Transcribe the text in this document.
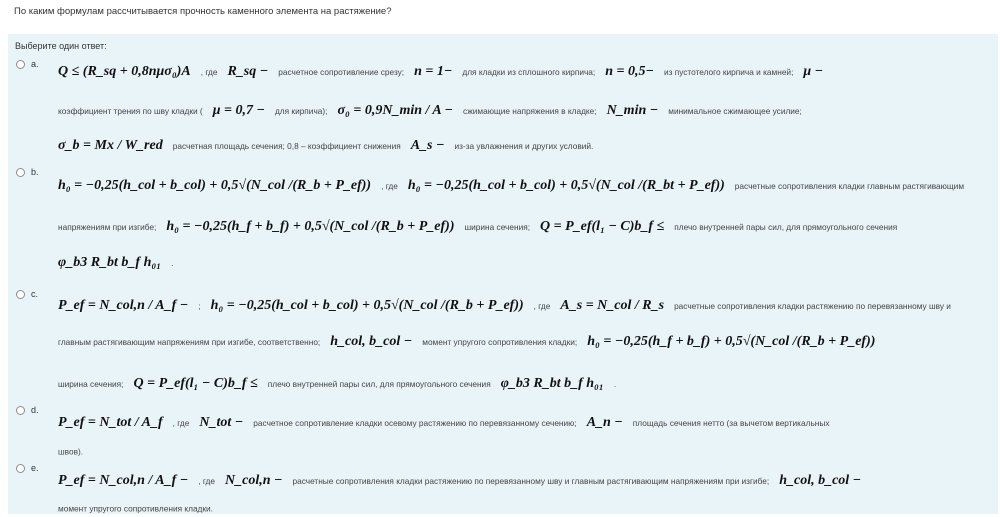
По каким формулам рассчитывается прочность каменного элемента на растяжение?
Выберите один ответ:
a. Q ≤ (R_sq + 0,8nμσ₀)A , где R_sq − расчетное сопротивление срезу; n = 1− для кладки из сплошного кирпича; n = 0,5− из пустотелого кирпича и камней; μ −
коэффициент трения по шву кладки ( μ = 0,7 − для кирпича); σ₀ = 0,9N_min / A − сжимающие напряжения в кладке; N_min − минимальное сжимающее усилие;
σ_b = Mx / W_red расчетная площадь сечения; 0,8 – коэффициент снижения A_s − из-за увлажнения и других условий.
b.
h₀ = −0,25(h_col + b_col) + 0,5√(N_col /(R_b + P_ef)) , где h₀ = −0,25(h_col + b_col) + 0,5√(N_col /(R_bt + P_ef)) расчетные сопротивления кладки главным растягивающим
напряжениям при изгибе; h₀ = −0,25(h_f + b_f) + 0,5√(N_col /(R_b + P_ef)) ширина сечения; Q = P_ef(l₁ − C)b_f ≤ плечо внутренней пары сил, для прямоугольного сечения
φ_b3 R_bt b_f h₀₁ .
c.
P_ef = N_col,n / A_f − ; h₀ = −0,25(h_col + b_col) + 0,5√(N_col /(R_b + P_ef)) , где A_s = N_col / R_s расчетные сопротивления кладки растяжению по перевязанному шву и
главным растягивающим напряжениям при изгибе, соответственно; h_col, b_col − момент упругого сопротивления кладки; h₀ = −0,25(h_f + b_f) + 0,5√(N_col /(R_b + P_ef))
ширина сечения; Q = P_ef(l₁ − C)b_f ≤ плечо внутренней пары сил, для прямоугольного сечения φ_b3 R_bt b_f h₀₁ .
d.
P_ef = N_tot / A_f , где N_tot − расчетное сопротивление кладки осевому растяжению по перевязанному сечению; A_n − площадь сечения нетто (за вычетом вертикальных
швов).
e.
P_ef = N_col,n / A_f − , где N_col,n − расчетные сопротивления кладки растяжению по перевязанному шву и главным растягивающим напряжениям при изгибе; h_col, b_col −
момент упругого сопротивления кладки.
